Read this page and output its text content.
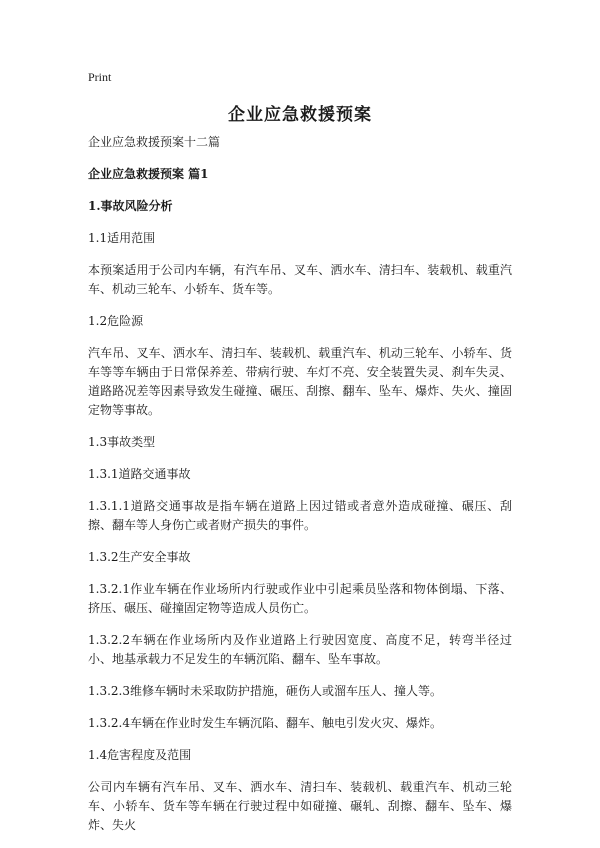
Print
企业应急救援预案

企业应急救援预案十二篇

企业应急救援预案 篇1

1.事故风险分析

1.1适用范围

本预案适用于公司内车辆，有汽车吊、叉车、洒水车、清扫车、装载机、载重汽车、机动三轮车、小轿车、货车等。

1.2危险源

汽车吊、叉车、洒水车、清扫车、装载机、载重汽车、机动三轮车、小轿车、货车等等车辆由于日常保养差、带病行驶、车灯不亮、安全装置失灵、刹车失灵、道路路况差等因素导致发生碰撞、碾压、刮擦、翻车、坠车、爆炸、失火、撞固定物等事故。

1.3事故类型

1.3.1道路交通事故

1.3.1.1道路交通事故是指车辆在道路上因过错或者意外造成碰撞、碾压、刮擦、翻车等人身伤亡或者财产损失的事件。

1.3.2生产安全事故

1.3.2.1作业车辆在作业场所内行驶或作业中引起乘员坠落和物体倒塌、下落、挤压、碾压、碰撞固定物等造成人员伤亡。

1.3.2.2车辆在作业场所内及作业道路上行驶因宽度、高度不足，转弯半径过小、地基承载力不足发生的车辆沉陷、翻车、坠车事故。

1.3.2.3维修车辆时未采取防护措施，砸伤人或溜车压人、撞人等。

1.3.2.4车辆在作业时发生车辆沉陷、翻车、触电引发火灾、爆炸。

1.4危害程度及范围

公司内车辆有汽车吊、叉车、洒水车、清扫车、装载机、载重汽车、机动三轮车、小轿车、货车等车辆在行驶过程中如碰撞、碾轧、刮擦、翻车、坠车、爆炸、失火
